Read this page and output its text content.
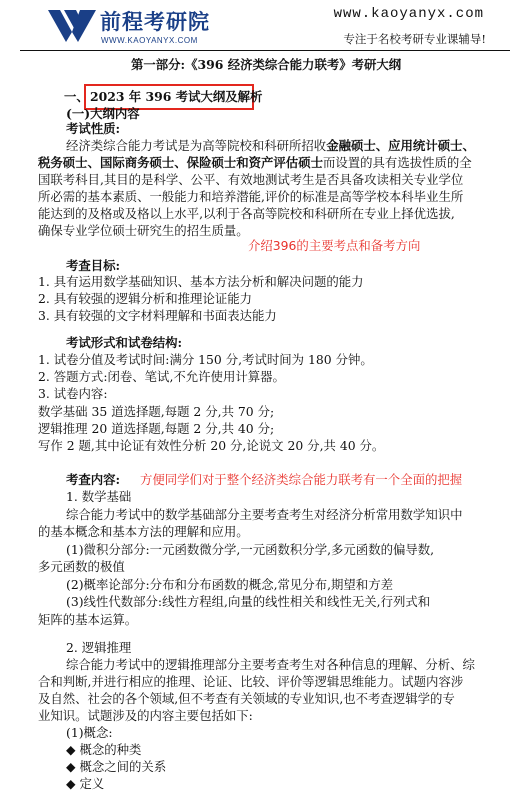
前程考研院
WWW.KAOYANYX.COM
www.kaoyanyx.com
专注于名校考研专业课辅导!
第一部分:《396 经济类综合能力联考》考研大纲
一、 2023 年 396 考试大纲及解析
(一)大纲内容
考试性质:
经济类综合能力考试是为高等院校和科研所招收金融硕士、应用统计硕士、
税务硕士、国际商务硕士、保险硕士和资产评估硕士而设置的具有选拔性质的全
国联考科目,其目的是科学、公平、有效地测试考生是否具备攻读相关专业学位
所必需的基本素质、一般能力和培养潜能,评价的标准是高等学校本科毕业生所
能达到的及格或及格以上水平,以利于各高等院校和科研所在专业上择优选拔,
确保专业学位硕士研究生的招生质量。
介绍396的主要考点和备考方向
考查目标:
1. 具有运用数学基础知识、基本方法分析和解决问题的能力
2. 具有较强的逻辑分析和推理论证能力
3. 具有较强的文字材料理解和书面表达能力
考试形式和试卷结构:
1. 试卷分值及考试时间:满分 150 分,考试时间为 180 分钟。
2. 答题方式:闭卷、笔试,不允许使用计算器。
3. 试卷内容:
数学基础 35 道选择题,每题 2 分,共 70 分;
逻辑推理 20 道选择题,每题 2 分,共 40 分;
写作 2 题,其中论证有效性分析 20 分,论说文 20 分,共 40 分。
考查内容: 方便同学们对于整个经济类综合能力联考有一个全面的把握
1. 数学基础
综合能力考试中的数学基础部分主要考查考生对经济分析常用数学知识中
的基本概念和基本方法的理解和应用。
(1)微积分部分:一元函数微分学,一元函数积分学,多元函数的偏导数,
多元函数的极值
(2)概率论部分:分布和分布函数的概念,常见分布,期望和方差
(3)线性代数部分:线性方程组,向量的线性相关和线性无关,行列式和
矩阵的基本运算。
2. 逻辑推理
综合能力考试中的逻辑推理部分主要考查考生对各种信息的理解、分析、综
合和判断,并进行相应的推理、论证、比较、评价等逻辑思维能力。试题内容涉
及自然、社会的各个领域,但不考查有关领域的专业知识,也不考查逻辑学的专
业知识。试题涉及的内容主要包括如下:
(1)概念:
◆ 概念的种类
◆ 概念之间的关系
◆ 定义
